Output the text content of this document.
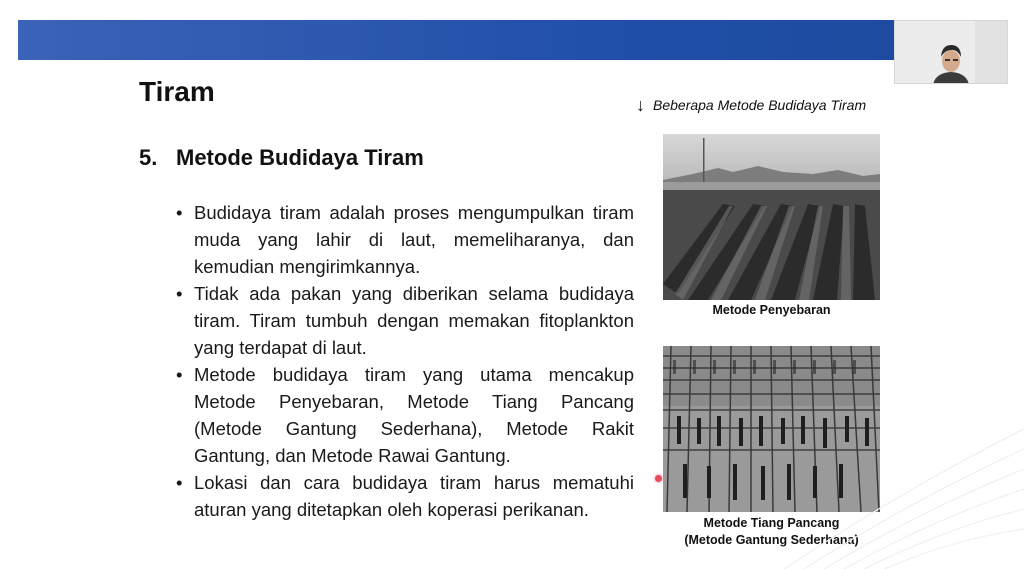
Tiram	↓ Beberapa Metode Budidaya Tiram
5. Metode Budidaya Tiram
• Budidaya tiram adalah proses mengumpulkan tiram muda yang lahir di laut, memeliharanya, dan kemudian mengirimkannya.
• Tidak ada pakan yang diberikan selama budidaya tiram. Tiram tumbuh dengan memakan fitoplankton yang terdapat di laut.
• Metode budidaya tiram yang utama mencakup Metode Penyebaran, Metode Tiang Pancang (Metode Gantung Sederhana), Metode Rakit Gantung, dan Metode Rawai Gantung.
• Lokasi dan cara budidaya tiram harus mematuhi aturan yang ditetapkan oleh koperasi perikanan.
Metode Penyebaran
Metode Tiang Pancang
(Metode Gantung Sederhana)
